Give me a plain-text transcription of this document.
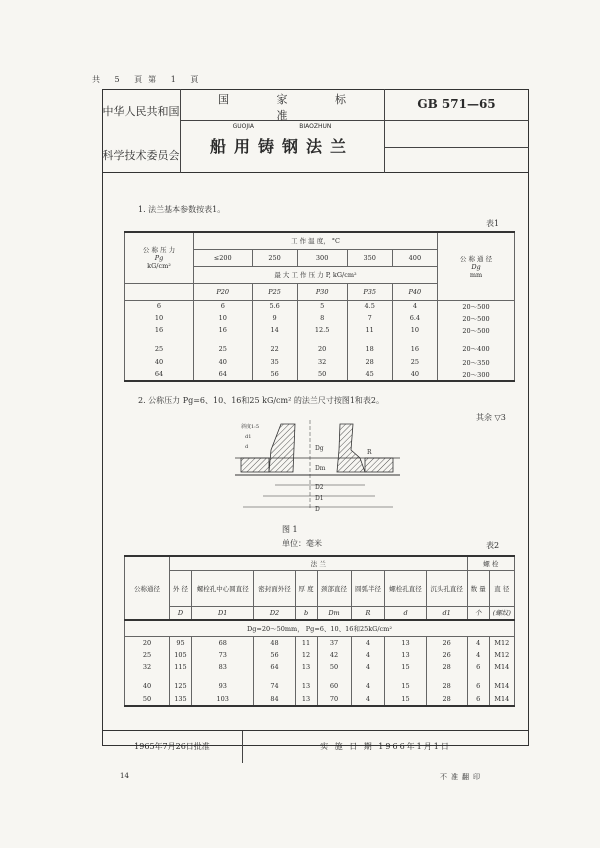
共 5 頁第 1 頁
中华人民共和国
科学技术委员会
国 家 标 准
GUOJIA	BIAOZHUN
船用铸钢法兰
GB 571—65
1. 法兰基本参数按表1。
表1
公 称 压 力
Pg
kG/cm²
	工 作 温 度， °C	
公 称 通 径
Dg
mm

	≤200	250	300	350	400	
	最 大 工 作 压 力 P, kG/cm²					
	P20	P25	P30	P35	P40	
6	6	5.6	5	4.5	4	20～500
10	10	9	8	7	6.4	20～500
16	16	14	12.5	11	10	20～500
25	25	22	20	18	16	20～400
40	40	35	32	28	25	20～350
64	64	56	50	45	40	20～300
2. 公称压力 Pg=6、10、16和25 kG/cm² 的法兰尺寸按图1和表2。
其余 ▽3
Dg
Dm
D2
D1
D
R
d1
d
斜度1:5
图 1
单位：毫米	表2
公称通径	法 兰								螺 栓	
	外 径	螺栓孔中心圆直径	密封面外径	厚 度	颈部直径	圆弧半径	螺栓孔直径	沉头孔直径	数 量	直 径
	D	D1	D2	b	Dm	R	d	d1	个	(螺纹)
Dg=20～50mm， Pg=6、10、16和25kG/cm²										
20	95	68	48	11	37	4	13	26	4	M12
25	105	73	56	12	42	4	13	26	4	M12
32	115	83	64	13	50	4	15	28	6	M14
40	125	93	74	13	60	4	15	28	6	M14
50	135	103	84	13	70	4	15	28	6	M14
1965年7月26日批准	实 施 日 期 1966年1月1日
14	不准翻印
